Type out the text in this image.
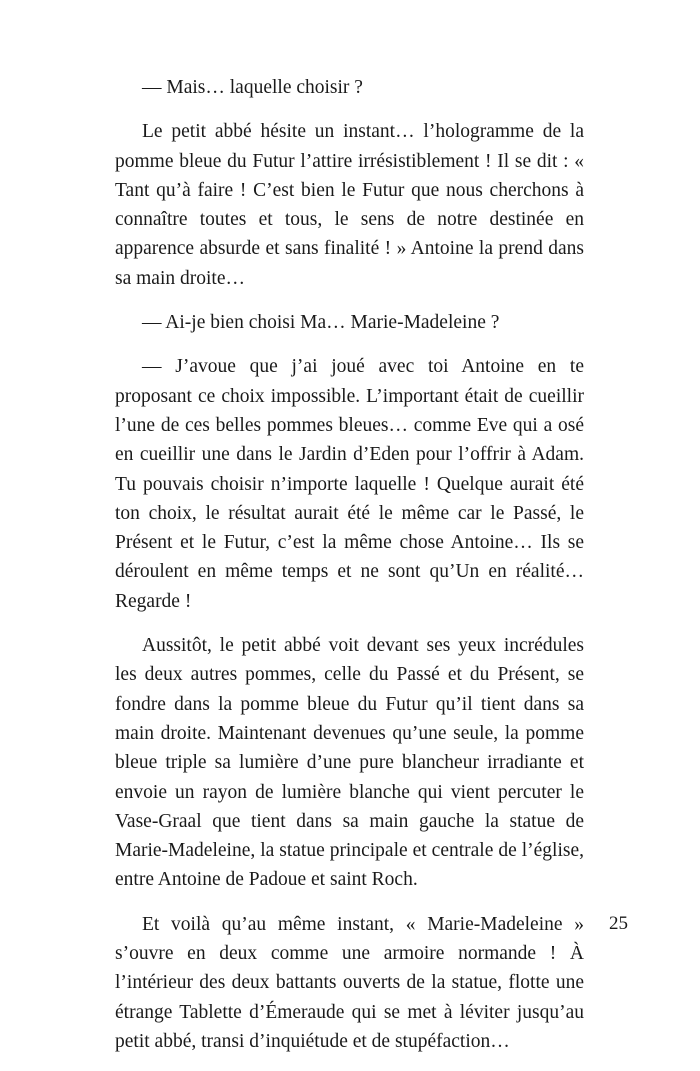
— Mais… laquelle choisir ?

Le petit abbé hésite un instant… l’hologramme de la pomme bleue du Futur l’attire irrésistiblement ! Il se dit : « Tant qu’à faire ! C’est bien le Futur que nous cherchons à connaître toutes et tous, le sens de notre destinée en apparence absurde et sans finalité ! » Antoine la prend dans sa main droite…

— Ai-je bien choisi Ma… Marie-Madeleine ?

— J’avoue que j’ai joué avec toi Antoine en te proposant ce choix impossible. L’important était de cueillir l’une de ces belles pommes bleues… comme Eve qui a osé en cueillir une dans le Jardin d’Eden pour l’offrir à Adam. Tu pouvais choisir n’importe laquelle ! Quelque aurait été ton choix, le résultat aurait été le même car le Passé, le Présent et le Futur, c’est la même chose Antoine… Ils se déroulent en même temps et ne sont qu’Un en réalité… Regarde !

Aussitôt, le petit abbé voit devant ses yeux incrédules les deux autres pommes, celle du Passé et du Présent, se fondre dans la pomme bleue du Futur qu’il tient dans sa main droite. Maintenant devenues qu’une seule, la pomme bleue triple sa lumière d’une pure blancheur irradiante et envoie un rayon de lumière blanche qui vient percuter le Vase-Graal que tient dans sa main gauche la statue de Marie-Madeleine, la statue principale et centrale de l’église, entre Antoine de Padoue et saint Roch.

Et voilà qu’au même instant, « Marie-Madeleine » s’ouvre en deux comme une armoire normande ! À l’intérieur des deux battants ouverts de la statue, flotte une étrange Tablette d’Émeraude qui se met à léviter jusqu’au petit abbé, transi d’inquiétude et de stupéfaction…

25
